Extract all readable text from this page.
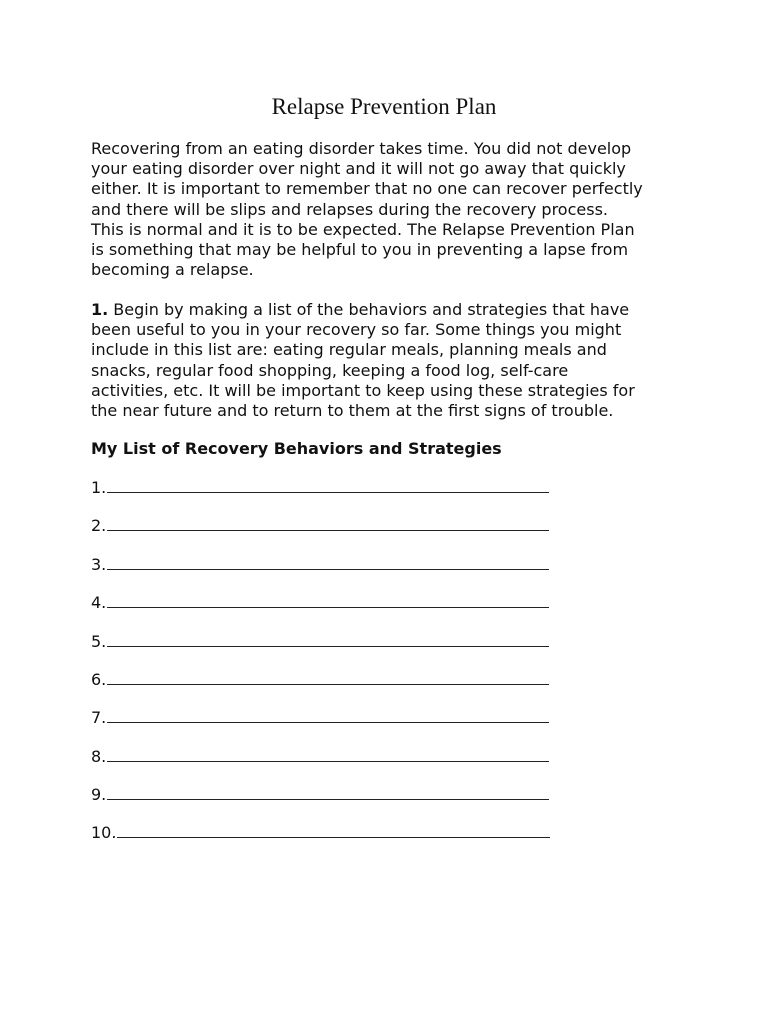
Relapse Prevention Plan
Recovering from an eating disorder takes time. You did not develop
your eating disorder over night and it will not go away that quickly
either. It is important to remember that no one can recover perfectly
and there will be slips and relapses during the recovery process.
This is normal and it is to be expected. The Relapse Prevention Plan
is something that may be helpful to you in preventing a lapse from
becoming a relapse.
1. Begin by making a list of the behaviors and strategies that have
been useful to you in your recovery so far. Some things you might
include in this list are: eating regular meals, planning meals and
snacks, regular food shopping, keeping a food log, self-care
activities, etc. It will be important to keep using these strategies for
the near future and to return to them at the first signs of trouble.
My List of Recovery Behaviors and Strategies
1.
2.
3.
4.
5.
6.
7.
8.
9.
10.
